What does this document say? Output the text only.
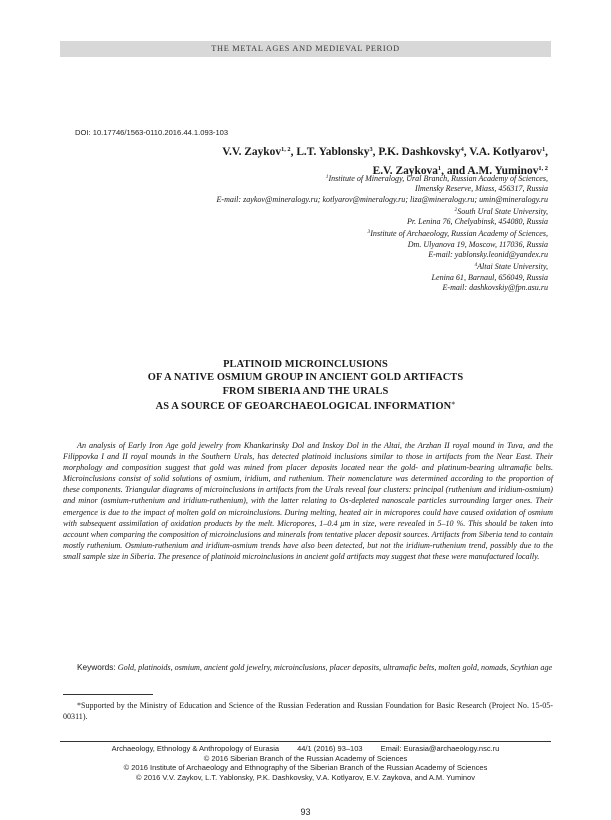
THE METAL AGES AND MEDIEVAL PERIOD
DOI: 10.17746/1563-0110.2016.44.1.093-103
V.V. Zaykov$^{1, 2}$, L.T. Yablonsky$^3$, P.K. Dashkovsky$^4$, V.A. Kotlyarov$^1$,
E.V. Zaykova$^1$, and A.M. Yuminov$^{1, 2}$
$^1$Institute of Mineralogy, Ural Branch, Russian Academy of Sciences,
Ilmensky Reserve, Miass, 456317, Russia
E-mail: zaykov@mineralogy.ru; kotlyarov@mineralogy.ru; liza@mineralogy.ru; umin@mineralogy.ru
$^2$South Ural State University,
Pr. Lenina 76, Chelyabinsk, 454080, Russia
$^3$Institute of Archaeology, Russian Academy of Sciences,
Dm. Ulyanova 19, Moscow, 117036, Russia
E-mail: yablonsky.leonid@yandex.ru
$^4$Altai State University,
Lenina 61, Barnaul, 656049, Russia
E-mail: dashkovskiy@fpn.asu.ru
PLATINOID MICROINCLUSIONS
OF A NATIVE OSMIUM GROUP IN ANCIENT GOLD ARTIFACTS
FROM SIBERIA AND THE URALS
AS A SOURCE OF GEOARCHAEOLOGICAL INFORMATION*
An analysis of Early Iron Age gold jewelry from Khankarinsky Dol and Inskoy Dol in the Altai, the Arzhan II royal mound in Tuva, and the Filippovka I and II royal mounds in the Southern Urals, has detected platinoid inclusions similar to those in artifacts from the Near East. Their morphology and composition suggest that gold was mined from placer deposits located near the gold- and platinum-bearing ultramafic belts. Microinclusions consist of solid solutions of osmium, iridium, and ruthenium. Their nomenclature was determined according to the proportion of these components. Triangular diagrams of microinclusions in artifacts from the Urals reveal four clusters: principal (ruthenium and iridium-osmium) and minor (osmium-ruthenium and iridium-ruthenium), with the latter relating to Os-depleted nanoscale particles surrounding larger ones. Their emergence is due to the impact of molten gold on microinclusions. During melting, heated air in micropores could have caused oxidation of osmium with subsequent assimilation of oxidation products by the melt. Micropores, 1–0.4 μm in size, were revealed in 5–10 %. This should be taken into account when comparing the composition of microinclusions and minerals from tentative placer deposit sources. Artifacts from Siberia tend to contain mostly ruthenium. Osmium-ruthenium and iridium-osmium trends have also been detected, but not the iridium-ruthenium trend, possibly due to the small sample size in Siberia. The presence of platinoid microinclusions in ancient gold artifacts may suggest that these were manufactured locally.
Keywords: Gold, platinoids, osmium, ancient gold jewelry, microinclusions, placer deposits, ultramafic belts, molten gold, nomads, Scythian age
*Supported by the Ministry of Education and Science of the Russian Federation and Russian Foundation for Basic Research (Project No. 15-05-00311).
Archaeology, Ethnology & Anthropology of Eurasia 44/1 (2016) 93–103 Email: Eurasia@archaeology.nsc.ru
© 2016 Siberian Branch of the Russian Academy of Sciences
© 2016 Institute of Archaeology and Ethnography of the Siberian Branch of the Russian Academy of Sciences
© 2016 V.V. Zaykov, L.T. Yablonsky, P.K. Dashkovsky, V.A. Kotlyarov, E.V. Zaykova, and A.M. Yuminov
93
